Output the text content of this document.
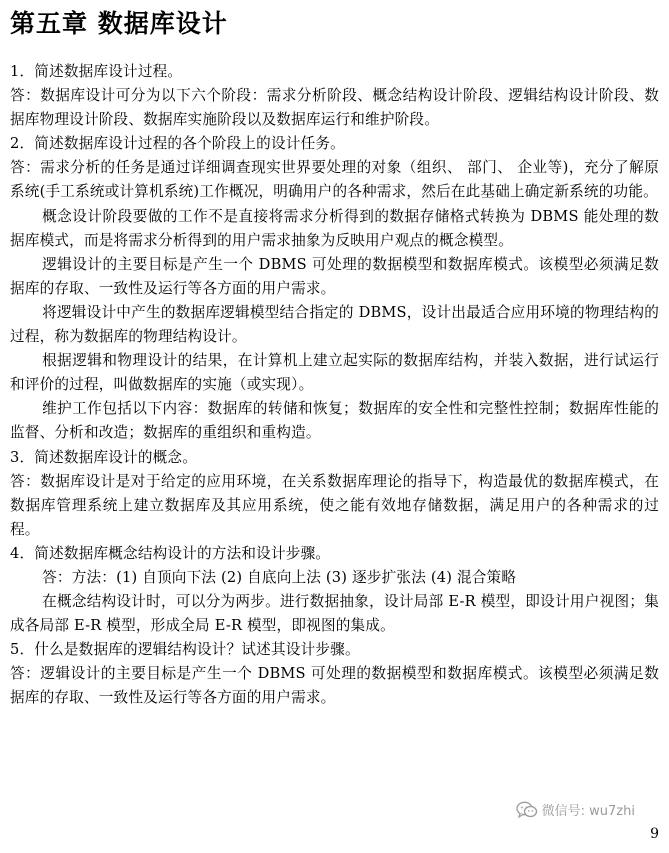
第五章 数据库设计

1．简述数据库设计过程。

答：数据库设计可分为以下六个阶段：需求分析阶段、概念结构设计阶段、逻辑结构设计阶段、数据库物理设计阶段、数据库实施阶段以及数据库运行和维护阶段。

2．简述数据库设计过程的各个阶段上的设计任务。

答：需求分析的任务是通过详细调查现实世界要处理的对象（组织、 部门、 企业等)，充分了解原系统(手工系统或计算机系统)工作概况，明确用户的各种需求，然后在此基础上确定新系统的功能。

概念设计阶段要做的工作不是直接将需求分析得到的数据存储格式转换为 DBMS 能处理的数据库模式，而是将需求分析得到的用户需求抽象为反映用户观点的概念模型。

逻辑设计的主要目标是产生一个 DBMS 可处理的数据模型和数据库模式。该模型必须满足数据库的存取、一致性及运行等各方面的用户需求。

将逻辑设计中产生的数据库逻辑模型结合指定的 DBMS，设计出最适合应用环境的物理结构的过程，称为数据库的物理结构设计。

根据逻辑和物理设计的结果，在计算机上建立起实际的数据库结构，并装入数据，进行试运行和评价的过程，叫做数据库的实施（或实现）。

维护工作包括以下内容：数据库的转储和恢复；数据库的安全性和完整性控制；数据库性能的监督、分析和改造；数据库的重组织和重构造。

3．简述数据库设计的概念。

答：数据库设计是对于给定的应用环境，在关系数据库理论的指导下，构造最优的数据库模式，在数据库管理系统上建立数据库及其应用系统，使之能有效地存储数据，满足用户的各种需求的过程。

4．简述数据库概念结构设计的方法和设计步骤。

答：方法：(1) 自顶向下法 (2) 自底向上法 (3) 逐步扩张法 (4) 混合策略

在概念结构设计时，可以分为两步。进行数据抽象，设计局部 E-R 模型，即设计用户视图；集成各局部 E-R 模型，形成全局 E-R 模型，即视图的集成。

5．什么是数据库的逻辑结构设计？试述其设计步骤。

答：逻辑设计的主要目标是产生一个 DBMS 可处理的数据模型和数据库模式。该模型必须满足数据库的存取、一致性及运行等各方面的用户需求。

微信号: wu7zhi
9
